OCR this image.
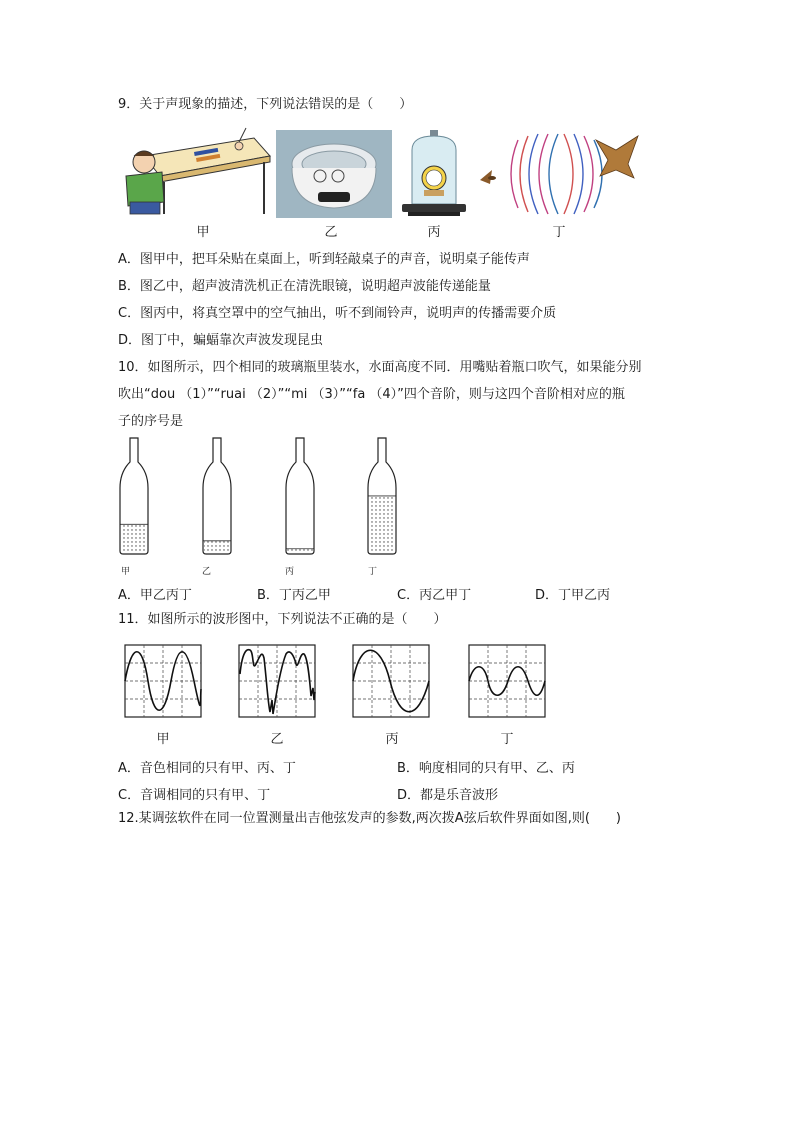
9．关于声现象的描述，下列说法错误的是（　　）
甲	乙	丙	丁
A．图甲中，把耳朵贴在桌面上，听到轻敲桌子的声音，说明桌子能传声
B．图乙中，超声波清洗机正在清洗眼镜，说明超声波能传递能量
C．图丙中，将真空罩中的空气抽出，听不到闹铃声，说明声的传播需要介质
D．图丁中，蝙蝠靠次声波发现昆虫
10．如图所示，四个相同的玻璃瓶里装水，水面高度不同．用嘴贴着瓶口吹气，如果能分别
吹出“dou （1）”“ruai （2）”“mi （3）”“fa （4）”四个音阶，则与这四个音阶相对应的瓶
子的序号是
甲	乙	丙	丁
A．甲乙丙丁	B．丁丙乙甲	C．丙乙甲丁	D．丁甲乙丙
11．如图所示的波形图中，下列说法不正确的是（　　）
甲	乙	丙	丁
A．音色相同的只有甲、丙、丁	B．响度相同的只有甲、乙、丙
C．音调相同的只有甲、丁	D．都是乐音波形
12.某调弦软件在同一位置测量出吉他弦发声的参数,两次拨A弦后软件界面如图,则(　　)
